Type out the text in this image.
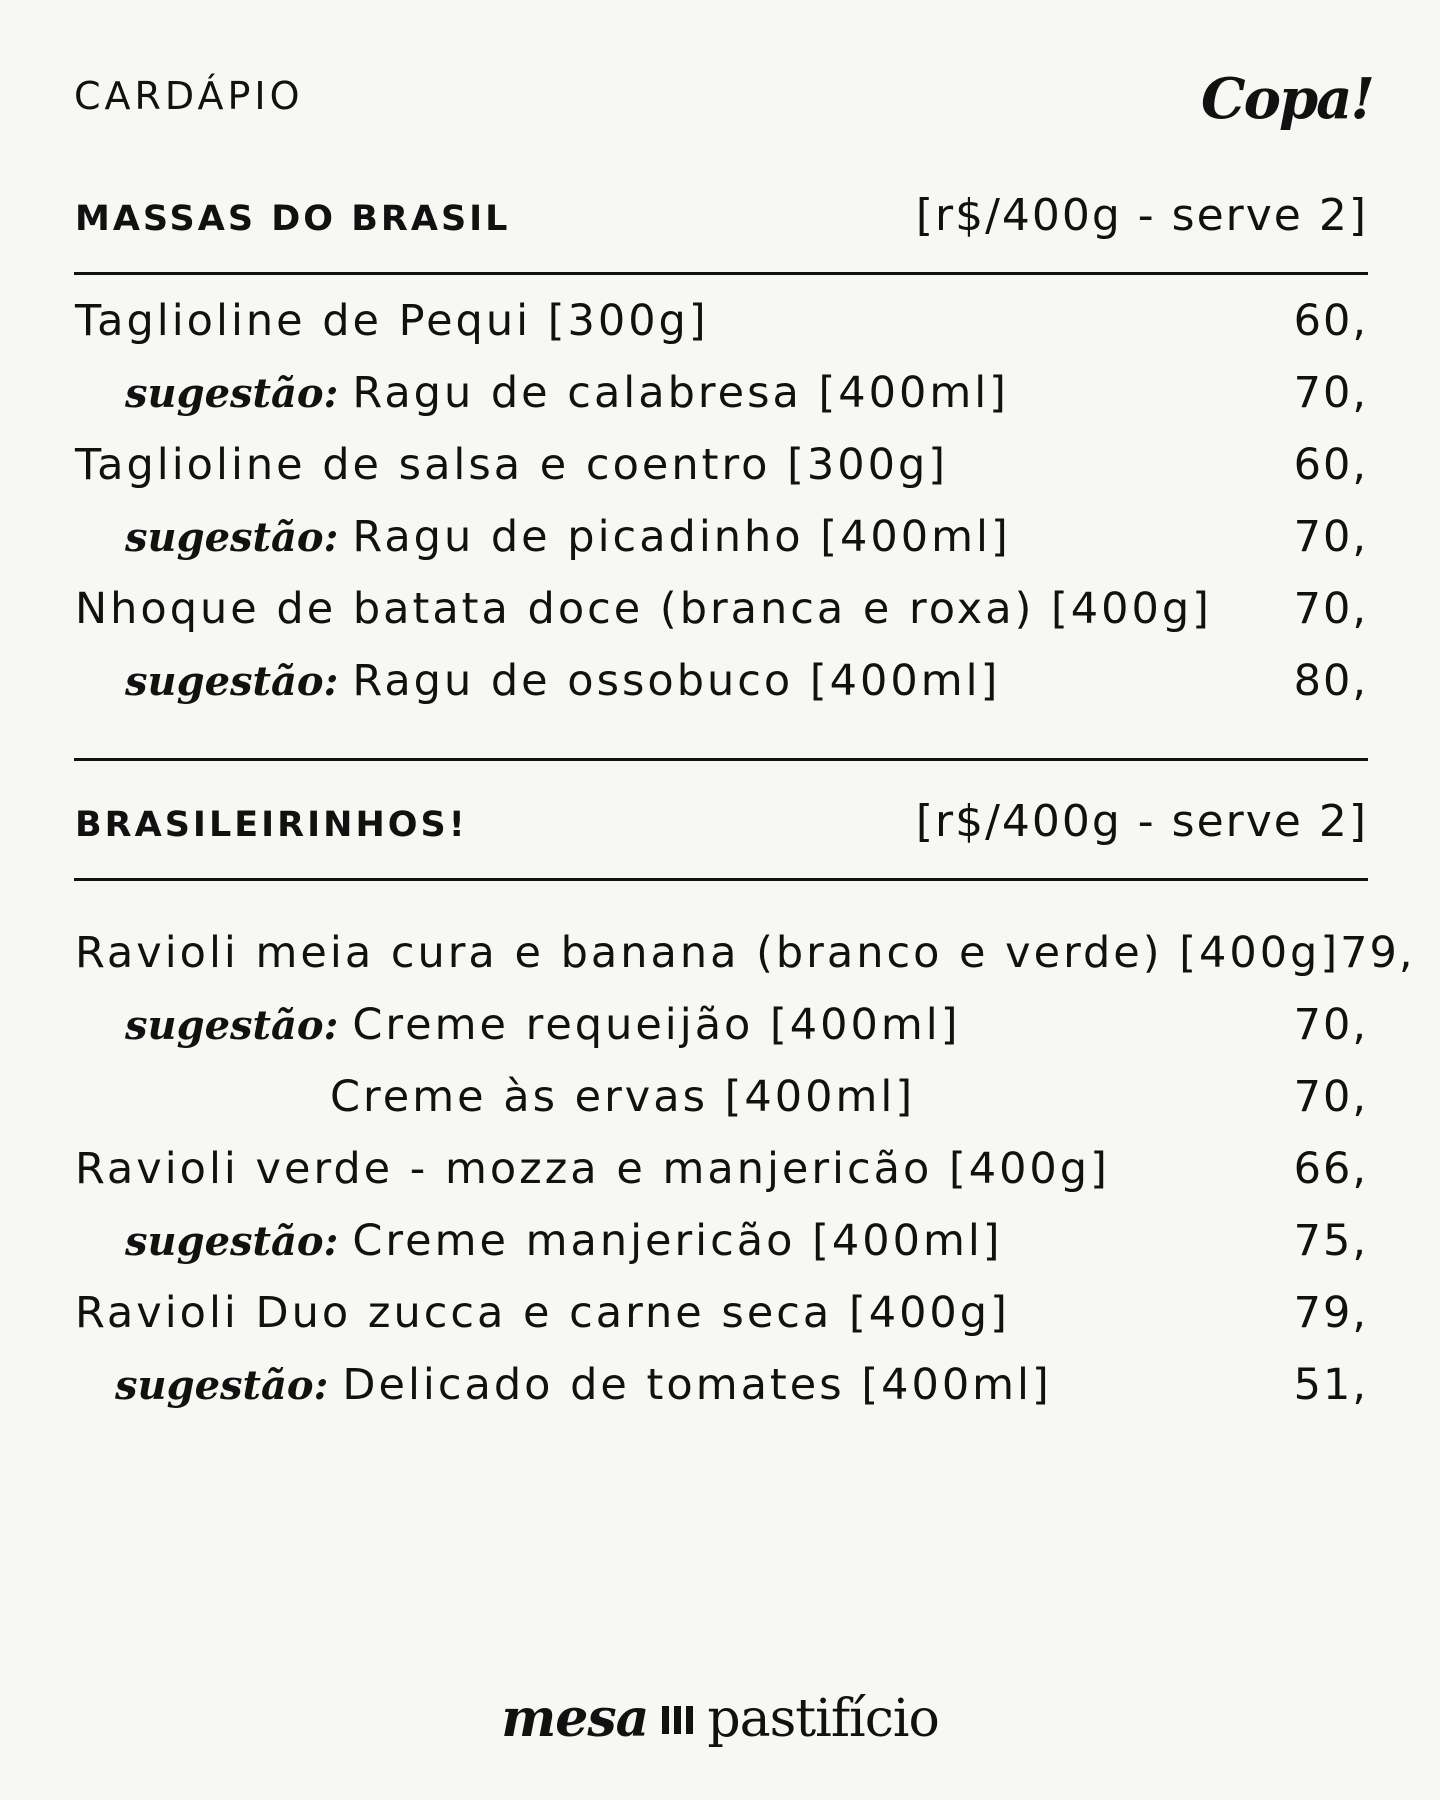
CARDÁPIO	Copa!
MASSAS DO BRASIL	[r$/400g - serve 2]
Taglioline de Pequi [300g]	60,
sugestão: Ragu de calabresa [400ml]	70,
Taglioline de salsa e coentro [300g]	60,
sugestão: Ragu de picadinho [400ml]	70,
Nhoque de batata doce (branca e roxa) [400g] 70,
sugestão: Ragu de ossobuco [400ml]	80,
BRASILEIRINHOS!	[r$/400g - serve 2]
Ravioli meia cura e banana (branco e verde) [400g] 79,
sugestão: Creme requeijão [400ml]	70,
Creme às ervas [400ml]	70,
Ravioli verde - mozza e manjericão [400g]	66,
sugestão: Creme manjericão [400ml]	75,
Ravioli Duo zucca e carne seca [400g]	79,
sugestão: Delicado de tomates [400ml]	51,
mesa pastifício
